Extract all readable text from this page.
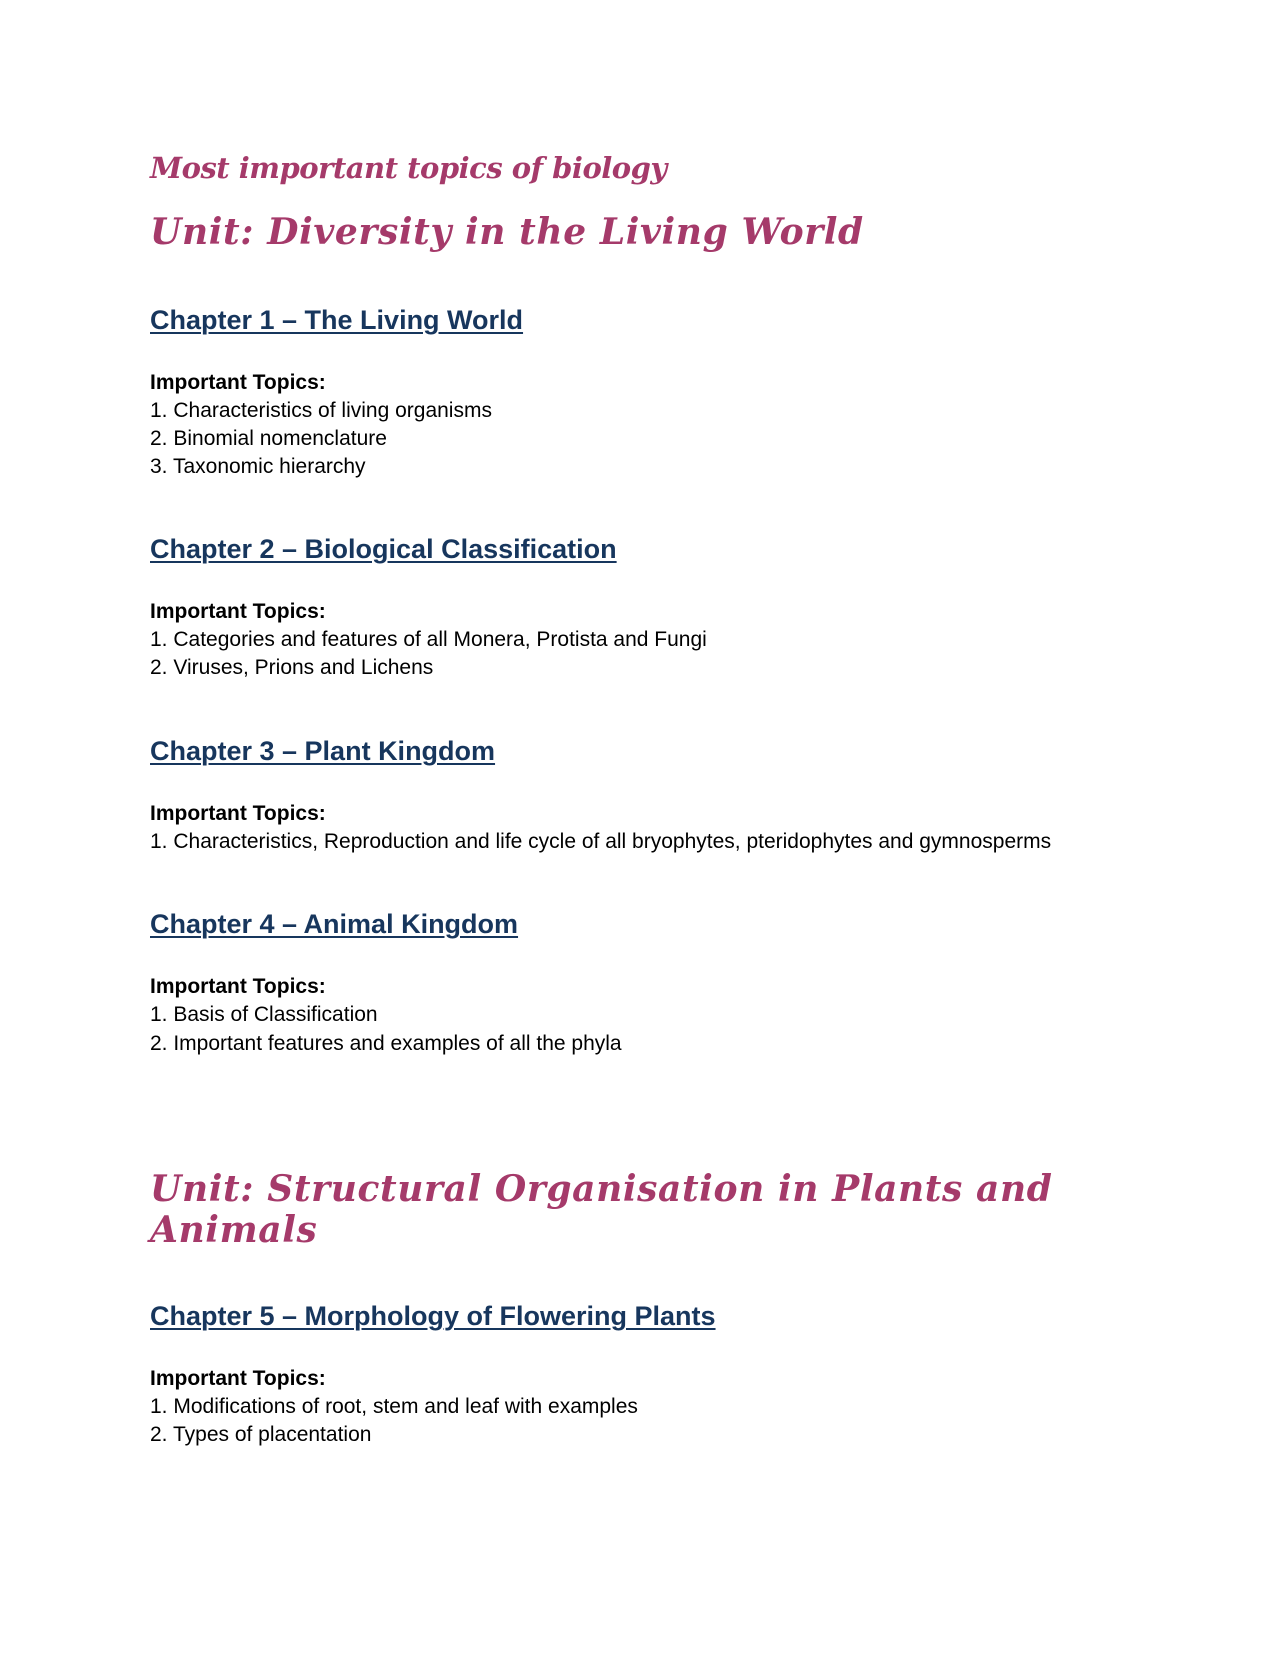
Most important topics of biology
Unit: Diversity in the Living World
Chapter 1 – The Living World
Important Topics:
1. Characteristics of living organisms
2. Binomial nomenclature
3. Taxonomic hierarchy
Chapter 2 – Biological Classification
Important Topics:
1. Categories and features of all Monera, Protista and Fungi
2. Viruses, Prions and Lichens
Chapter 3 – Plant Kingdom
Important Topics:
1. Characteristics, Reproduction and life cycle of all bryophytes, pteridophytes and gymnosperms
Chapter 4 – Animal Kingdom
Important Topics:
1. Basis of Classification
2. Important features and examples of all the phyla
Unit: Structural Organisation in Plants and
Animals
Chapter 5 – Morphology of Flowering Plants
Important Topics:
1. Modifications of root, stem and leaf with examples
2. Types of placentation
